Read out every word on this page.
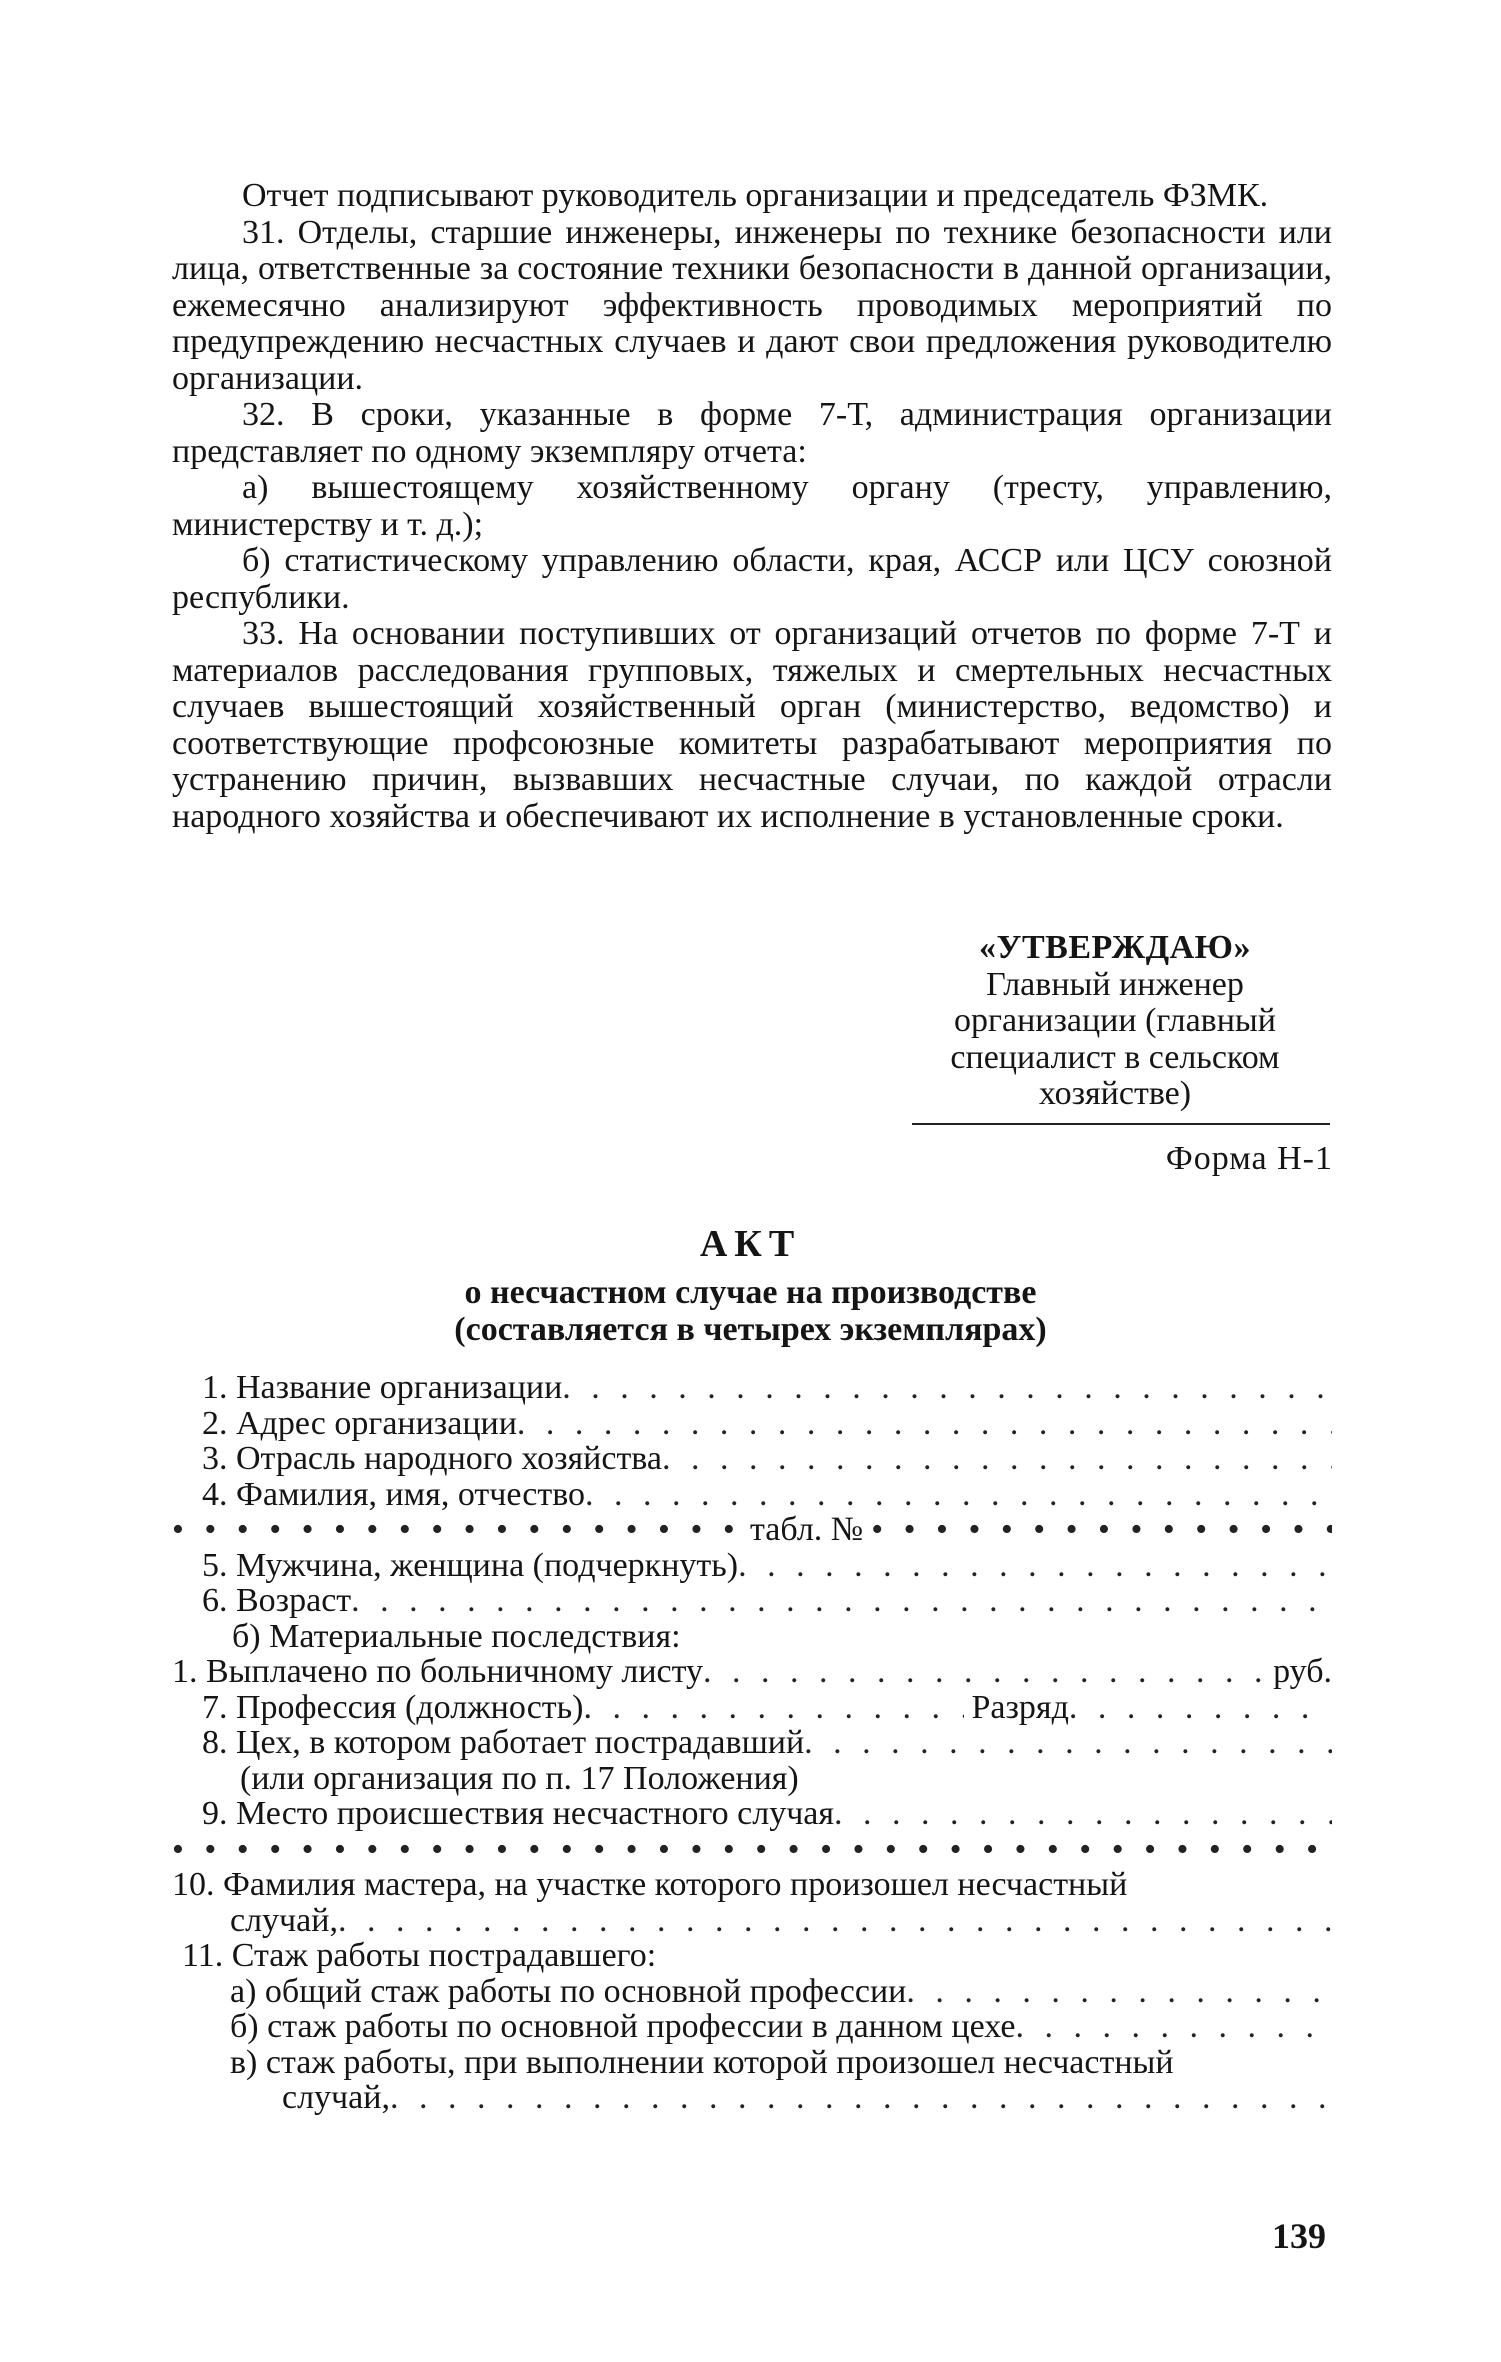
Отчет подписывают руководитель организации и председатель ФЗМК.

31. Отделы, старшие инженеры, инженеры по технике безопасности или лица, ответственные за состояние техники безопасности в данной организации, ежемесячно анализируют эффективность проводимых мероприятий по предупреждению несчастных случаев и дают свои предложения руководителю организации.

32. В сроки, указанные в форме 7-Т, администрация организации представляет по одному экземпляру отчета:

а) вышестоящему хозяйственному органу (тресту, управлению, министерству и т. д.);

б) статистическому управлению области, края, АССР или ЦСУ союзной республики.

33. На основании поступивших от организаций отчетов по форме 7-Т и материалов расследования групповых, тяжелых и смертельных несчастных случаев вышестоящий хозяйственный орган (министерство, ведомство) и соответствующие профсоюзные комитеты разрабатывают мероприятия по устранению причин, вызвавших несчастные случаи, по каждой отрасли народного хозяйства и обеспечивают их исполнение в установленные сроки.

«УТВЕРЖДАЮ»
Главный инженер организации (главный специалист в сельском хозяйстве)
Форма Н-1
АКТ
о несчастном случае на производстве
(составляется в четырех экземплярах)
1. Название организации
. . .
2. Адрес организации
. . .
3. Отрасль народного хозяйства
. . .
4. Фамилия, имя, отчество
. . .
• • •
табл. №
• • •
5. Мужчина, женщина (подчеркнуть)
. . .
6. Возраст
. . .
б) Материальные последствия:
1. Выплачено по больничному листу . . .	руб.
7. Профессия (должность) . . .	Разряд
. . .
8. Цех, в котором работает пострадавший
. . .
(или организация по п. 17 Положения)
9. Место происшествия несчастного случая
. . .
• • •
10. Фамилия мастера, на участке которого произошел несчастный
случай,
. . .
11. Стаж работы пострадавшего:
а) общий стаж работы по основной профессии
. . .
б) стаж работы по основной профессии в данном цехе
. . .
в) стаж работы, при выполнении которой произошел несчастный
случай,
. . .
139
